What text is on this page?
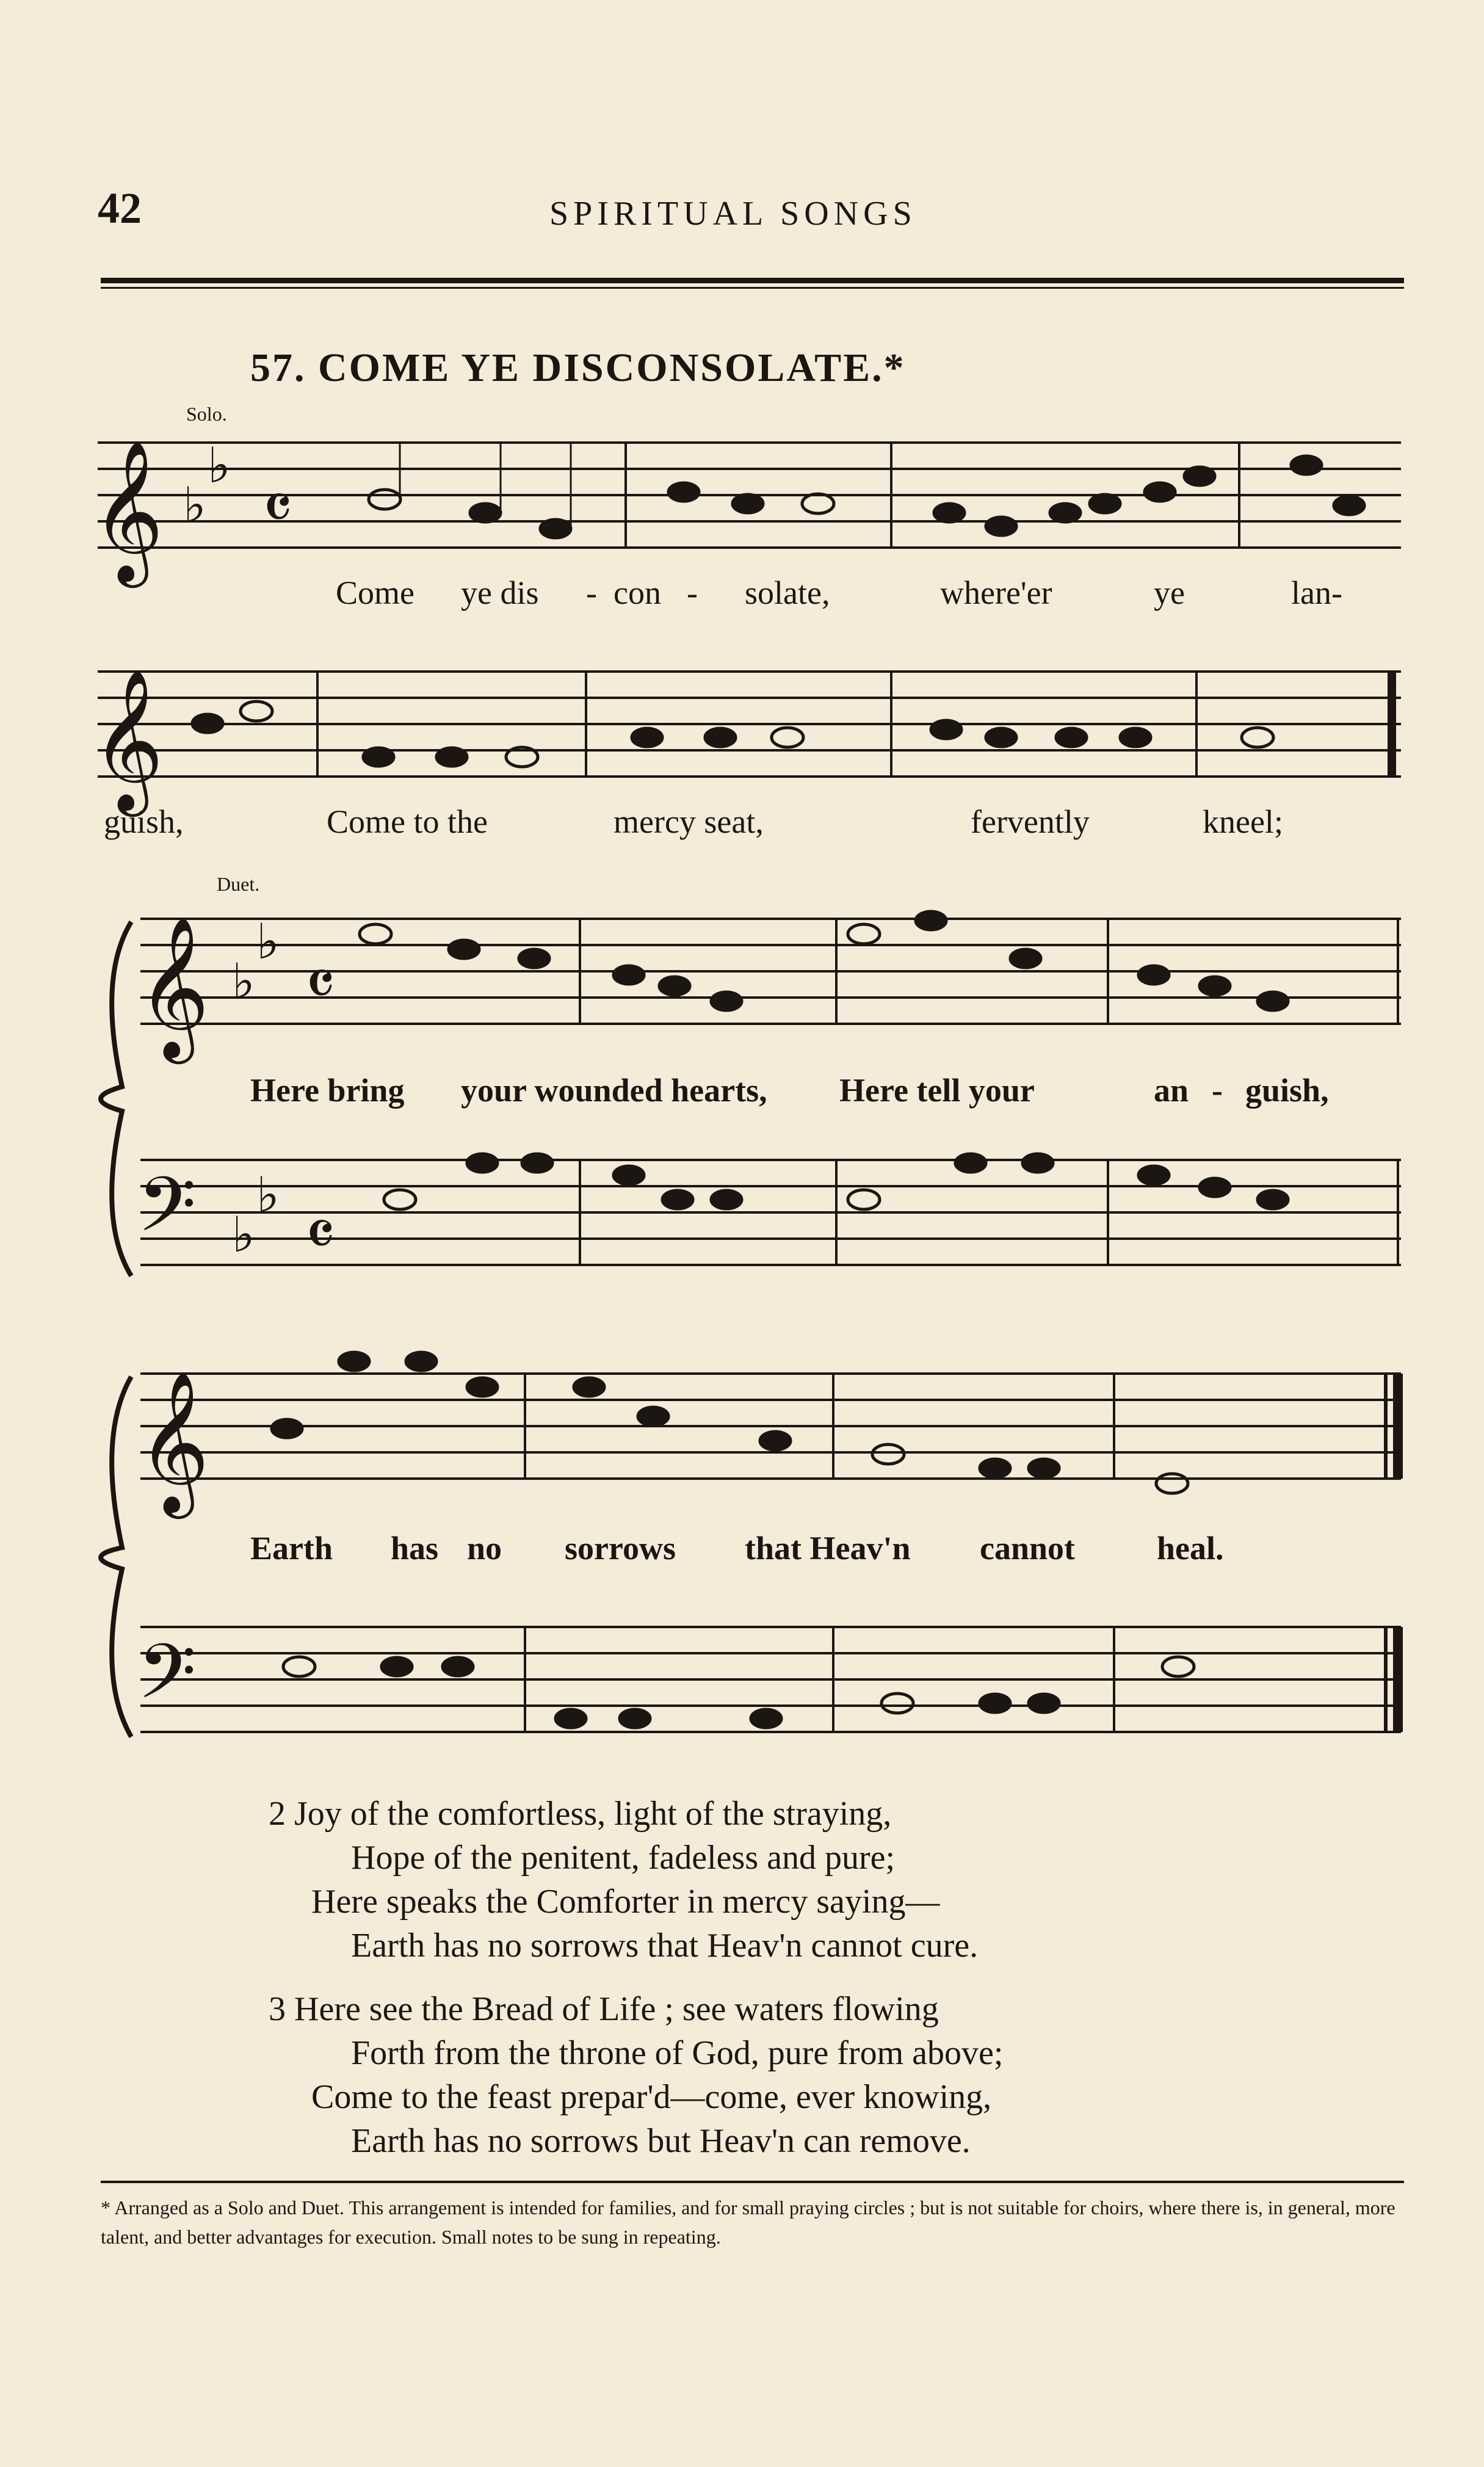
42	SPIRITUAL SONGS
57. COME YE DISCONSOLATE.*
Solo.
Duet.
𝄞
𝄞
𝄞
𝄢
𝄞
𝄢
♭
♭ 𝄴
♭
♭ 𝄴
♭
♭ 𝄴
Come ye dis - con - solate,	where'er	ye	lan-
guish,	Come to the	mercy seat,	fervently	kneel;
Here bring your wounded hearts, Here tell your	an - guish,
Earth has no sorrows that Heav'n cannot heal.
2 Joy of the comfortless, light of the straying,
Hope of the penitent, fadeless and pure;
Here speaks the Comforter in mercy saying—
Earth has no sorrows that Heav'n cannot cure.
3 Here see the Bread of Life ; see waters flowing
Forth from the throne of God, pure from above;
Come to the feast prepar'd—come, ever knowing,
Earth has no sorrows but Heav'n can remove.
* Arranged as a Solo and Duet. This arrangement is intended for families, and for small praying circles ; but is not suitable for choirs, where there is, in general, more talent, and better advantages for execution. Small notes to be sung in repeating.
